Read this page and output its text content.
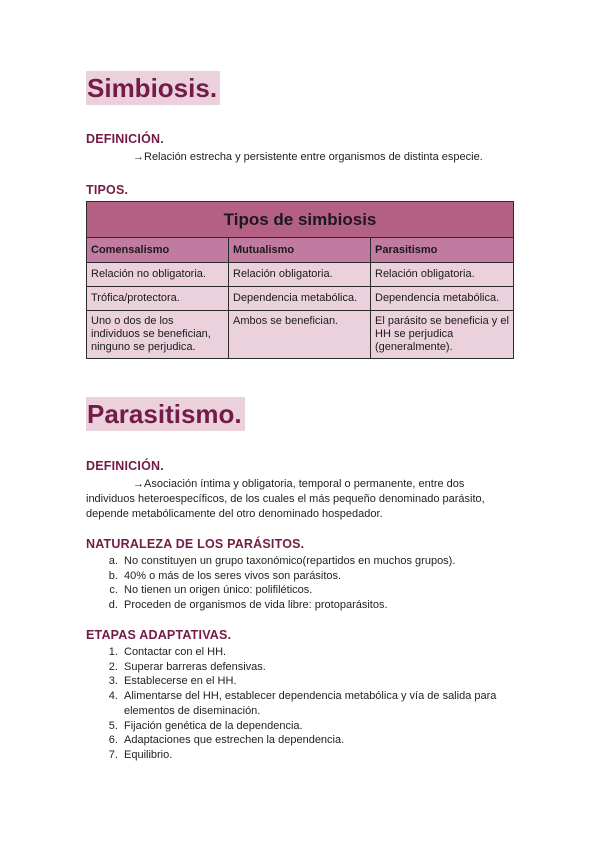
Simbiosis.
DEFINICIÓN.
→Relación estrecha y persistente entre organismos de distinta especie.
TIPOS.
Tipos de simbiosis		
Comensalismo	Mutualismo	Parasitismo
Relación no obligatoria.	Relación obligatoria.	Relación obligatoria.
Trófica/protectora.	Dependencia metabólica.	Dependencia metabólica.
Uno o dos de los individuos se benefician, ninguno se perjudica.	Ambos se benefician.	El parásito se beneficia y el HH se perjudica (generalmente).
Parasitismo.
DEFINICIÓN.
→Asociación íntima y obligatoria, temporal o permanente, entre dos individuos heteroespecíficos, de los cuales el más pequeño denominado parásito, depende metabólicamente del otro denominado hospedador.
NATURALEZA DE LOS PARÁSITOS.
a. No constituyen un grupo taxonómico(repartidos en muchos grupos).
b. 40% o más de los seres vivos son parásitos.
c. No tienen un origen único: polifiléticos.
d. Proceden de organismos de vida libre: protoparásitos.
ETAPAS ADAPTATIVAS.
1. Contactar con el HH.
2. Superar barreras defensivas.
3. Establecerse en el HH.
4. Alimentarse del HH, establecer dependencia metabólica y vía de salida para elementos de diseminación.
5. Fijación genética de la dependencia.
6. Adaptaciones que estrechen la dependencia.
7. Equilibrio.
